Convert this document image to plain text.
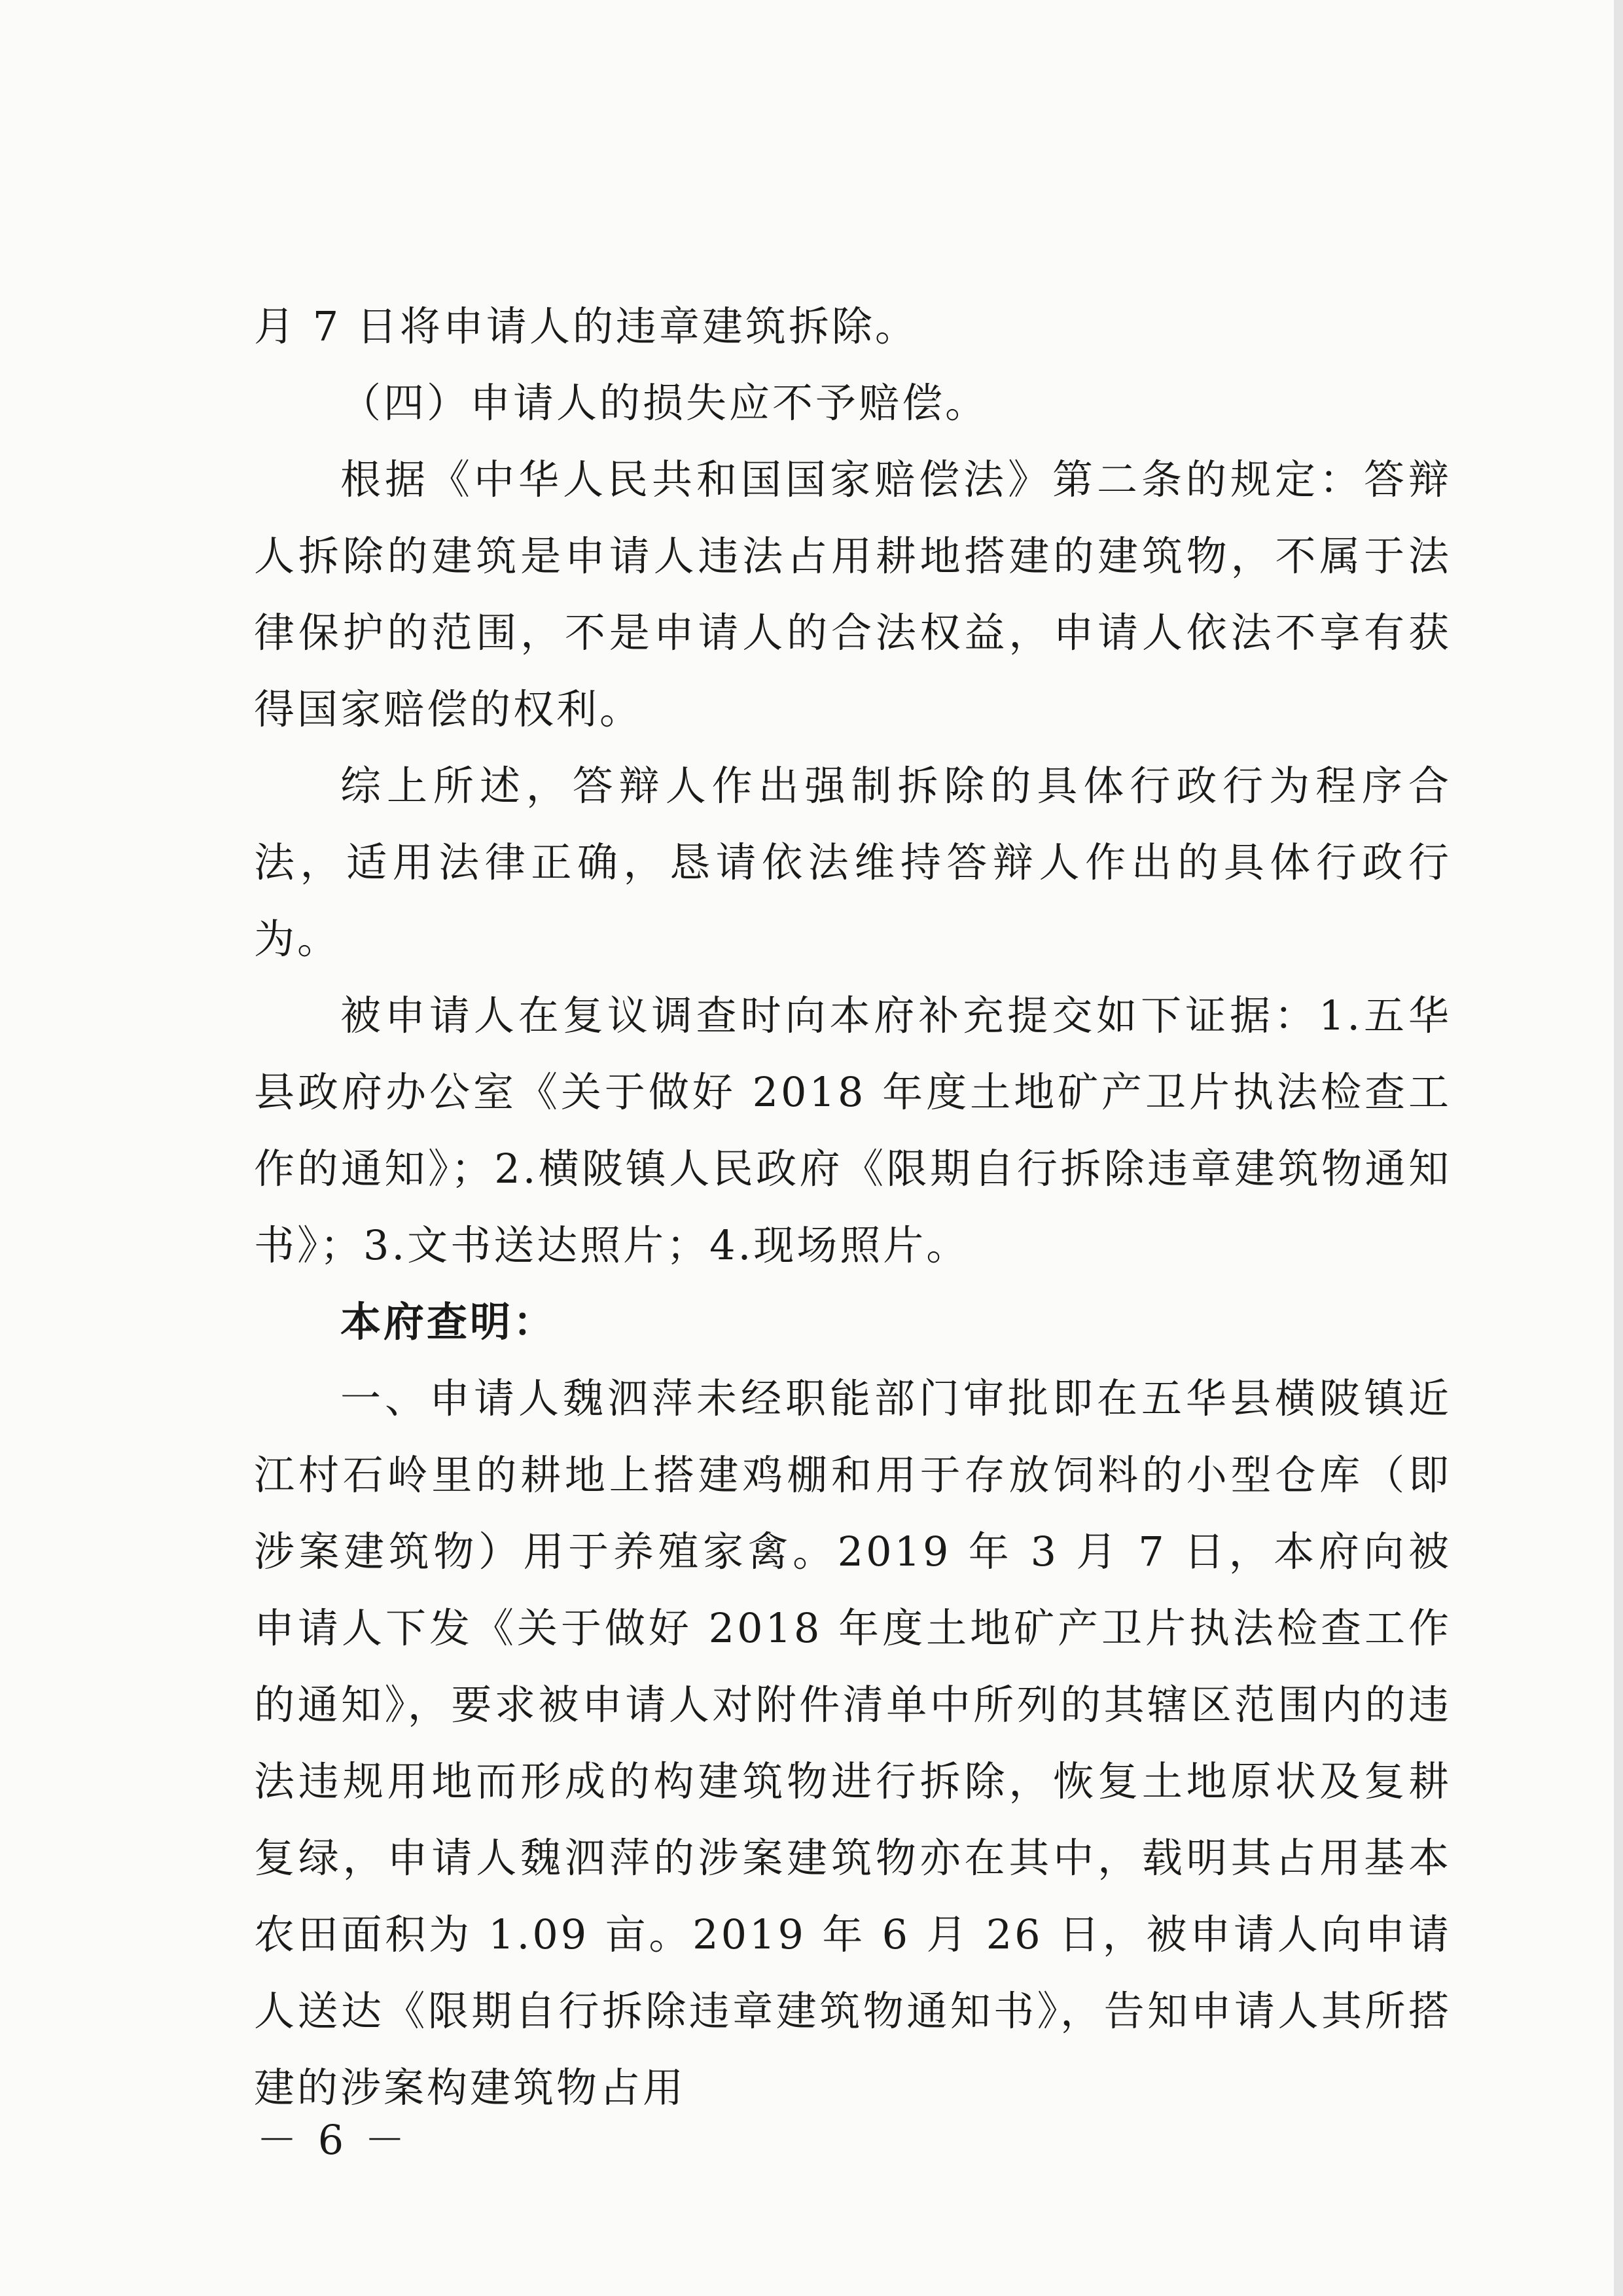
月 7 日将申请人的违章建筑拆除。

（四）申请人的损失应不予赔偿。

根据《中华人民共和国国家赔偿法》第二条的规定：答辩人拆除的建筑是申请人违法占用耕地搭建的建筑物，不属于法律保护的范围，不是申请人的合法权益，申请人依法不享有获得国家赔偿的权利。

综上所述，答辩人作出强制拆除的具体行政行为程序合法，适用法律正确，恳请依法维持答辩人作出的具体行政行为。

被申请人在复议调查时向本府补充提交如下证据：1.五华县政府办公室《关于做好 2018 年度土地矿产卫片执法检查工作的通知》；2.横陂镇人民政府《限期自行拆除违章建筑物通知书》；3.文书送达照片；4.现场照片。

本府查明：

一、申请人魏泗萍未经职能部门审批即在五华县横陂镇近江村石岭里的耕地上搭建鸡棚和用于存放饲料的小型仓库（即涉案建筑物）用于养殖家禽。2019 年 3 月 7 日，本府向被申请人下发《关于做好 2018 年度土地矿产卫片执法检查工作的通知》，要求被申请人对附件清单中所列的其辖区范围内的违法违规用地而形成的构建筑物进行拆除，恢复土地原状及复耕复绿，申请人魏泗萍的涉案建筑物亦在其中，载明其占用基本农田面积为 1.09 亩。2019 年 6 月 26 日，被申请人向申请人送达《限期自行拆除违章建筑物通知书》，告知申请人其所搭建的涉案构建筑物占用

－ 6 －
